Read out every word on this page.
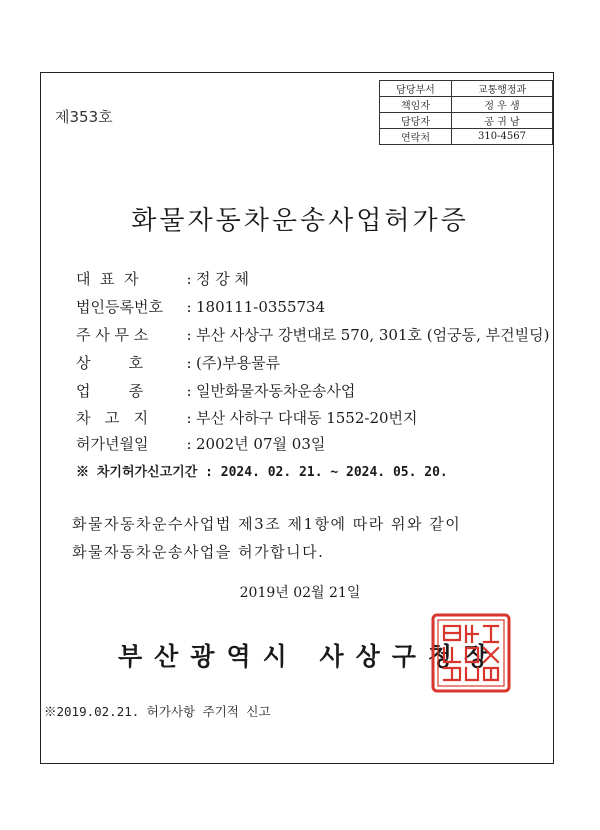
제353호
담당부서	교통행정과
책임자	정 우 생
담당자	공 귀 남
연락처	310-4567
화물자동차운송사업허가증
대  표  자	: 정 강 체
법인등록번호 : 180111-0355734
주 사 무 소	: 부산 사상구 강변대로 570, 301호 (엄궁동, 부건빌딩)
상        호	: (주)부용물류
업        종	: 일반화물자동차운송사업
차   고   지	: 부산 사하구 다대동 1552-20번지
허가년월일	: 2002년 07월 03일
※ 차기허가신고기간 : 2024. 02. 21. ~ 2024. 05. 20.
화물자동차운수사업법 제3조 제1항에 따라 위와 같이
화물자동차운송사업을 허가합니다.
2019년 02월 21일
부산광역시 사상구청장
※2019.02.21. 허가사항 주기적 신고
